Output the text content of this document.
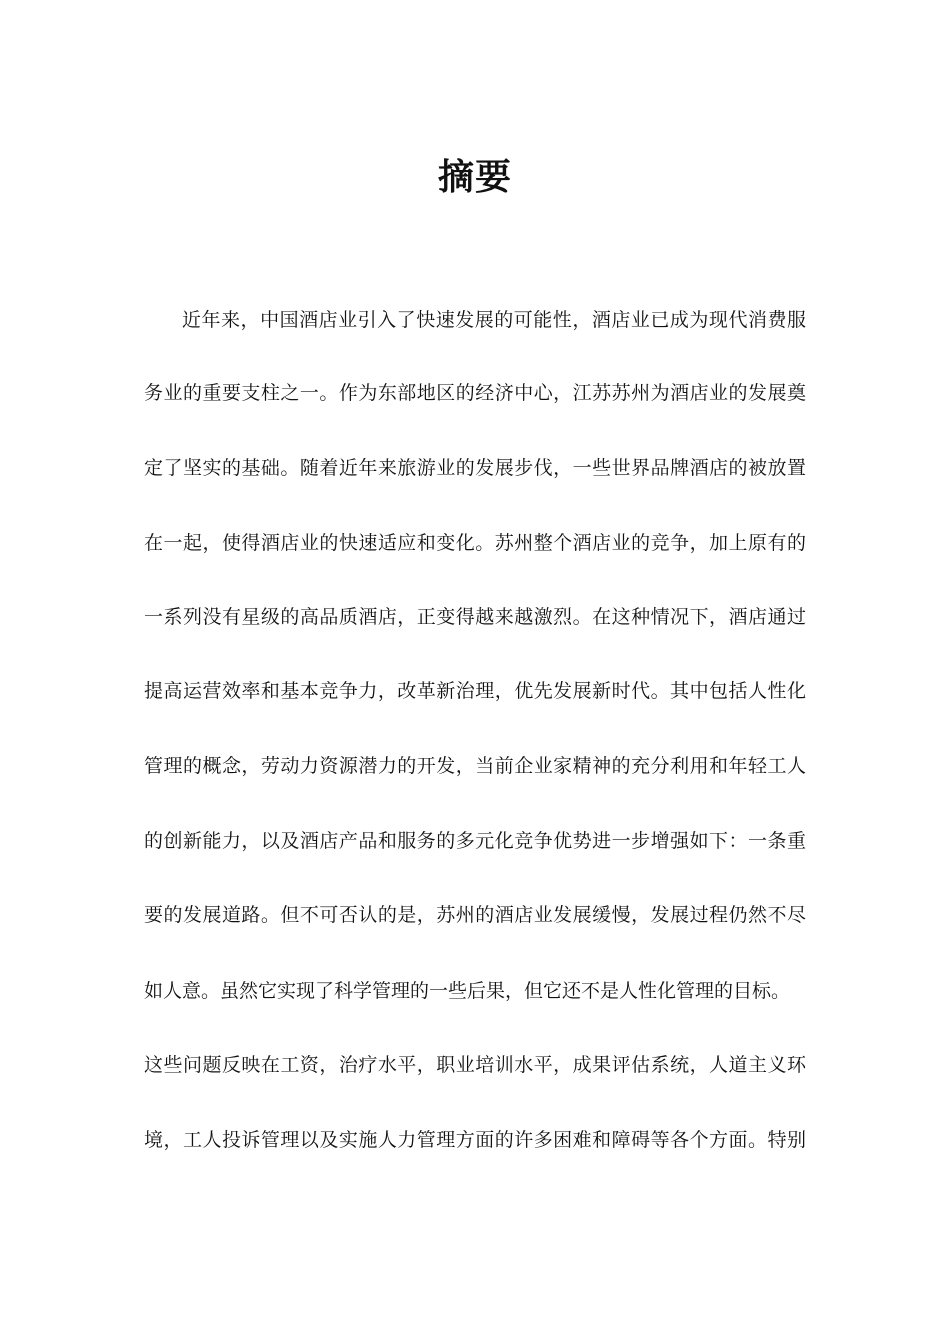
摘要
近年来，中国酒店业引入了快速发展的可能性，酒店业已成为现代消费服
务业的重要支柱之一。作为东部地区的经济中心，江苏苏州为酒店业的发展奠
定了坚实的基础。随着近年来旅游业的发展步伐，一些世界品牌酒店的被放置
在一起，使得酒店业的快速适应和变化。苏州整个酒店业的竞争，加上原有的
一系列没有星级的高品质酒店，正变得越来越激烈。在这种情况下，酒店通过
提高运营效率和基本竞争力，改革新治理，优先发展新时代。其中包括人性化
管理的概念，劳动力资源潜力的开发，当前企业家精神的充分利用和年轻工人
的创新能力，以及酒店产品和服务的多元化竞争优势进一步增强如下：一条重
要的发展道路。但不可否认的是，苏州的酒店业发展缓慢，发展过程仍然不尽
如人意。虽然它实现了科学管理的一些后果，但它还不是人性化管理的目标。
这些问题反映在工资，治疗水平，职业培训水平，成果评估系统，人道主义环
境，工人投诉管理以及实施人力管理方面的许多困难和障碍等各个方面。特别
